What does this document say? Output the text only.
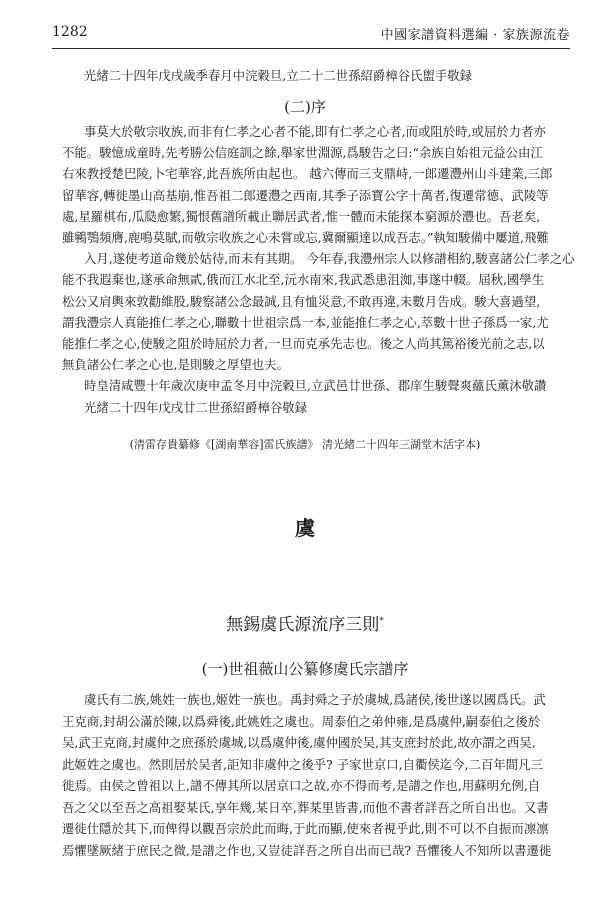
1282	中國家譜資料選編 · 家族源流卷
光緒二十四年戊戌歲季春月中浣穀旦,立二十二世孫紹爵樟谷氏盥手敬録
(二)序
事莫大於敬宗收族,而非有仁孝之心者不能,即有仁孝之心者,而或阻於時,或屈於力者亦
不能。駿憶成童時,先考勝公信庭訓之餘,舉家世淵源,爲駿告之曰:“余族自始祖元益公由江
右來教授楚巴陵,卜宅華容,此吾族所由起也。 越六傳而三支鼎峙,一郎遷灃州山斗建業,三郎
留華容,轉徙墨山高基崩,惟吾祖二郎遷灃之西南,其季子添寶公字十萬者,復遷常德、武陵等
處,星羅棋布,瓜瓞愈繁,獨恨舊譜所載止聯居武者,惟一體而未能探本窮源於灃也。吾老矣,
雖鸋鶚頻膺,鹿鳴莫賦,而敬宗收族之心未嘗或忘,冀爾顯達以成吾志。”執知駿備中屢道,飛難
入月,遂使考道命幾於姑待,而未有其期。 今年春,我灃州宗人以修譜相約,駿喜諸公仁孝之心
能不我遐棄也,遂承命無貳,俄而江水北至,沅水南來,我武悉患沮洳,事遂中輟。屆秋,國學生
松公又肩輿來敦勸維股,駿察諸公念最誠,且有恤災意,不敢再違,未數月告成。駿大喜過望,
謂我灃宗人真能推仁孝之心,聯數十世祖宗爲一本,並能推仁孝之心,萃數十世子孫爲一家,尤
能推仁孝之心,使駿之阻於時屈於力者,一旦而克承先志也。後之人尚其篤裕後光前之志,以
無負諸公仁孝之心也,是則駿之厚望也夫。
時皇清咸豐十年歲次庚申孟冬月中浣穀旦,立武邑廿世孫、郡庠生駿聲爽蘊氏薰沐敬讚
光緒二十四年戊戌廿二世孫紹爵樟谷敬録
(清雷存貴纂修《[湖南華容]雷氏族譜》 清光緒二十四年三湖堂木活字本)
虞
無錫虞氏源流序三則*
(一)世祖薇山公纂修虞氏宗譜序
虞氏有二族,姚姓一族也,姬姓一族也。禹封舜之子於虞城,爲諸侯,後世遂以國爲氏。武
王克商,封胡公滿於陳,以爲舜後,此姚姓之虞也。周泰伯之弟仲雍,是爲虞仲,嗣泰伯之後於
吴,武王克商,封虞仲之庶孫於虞城,以爲虞仲後,虞仲國於吴,其支庶封於此,故亦謂之西吴,
此姬姓之虞也。然則居於吴者,詎知非虞仲之後乎? 子家世京口,自衢侯迄今,二百年間凡三
徙焉。由侯之曾祖以上,譜不傳其所以居京口之故,亦不得而考,是譜之作也,用蘇明允例,自
吾之父以至吾之高祖娶某氏,享年幾,某日卒,葬某里皆書,而他不書者詳吾之所自出也。又書
遷徙仕隱於其下,而俾得以觀吾宗於此而晦,于此而顯,使來者視乎此,則不可以不自振而凛凛
焉懼墜厥緒于庶民之微,是譜之作也,又豈徒詳吾之所自出而已哉? 吾懼後人不知所以書遷徙
